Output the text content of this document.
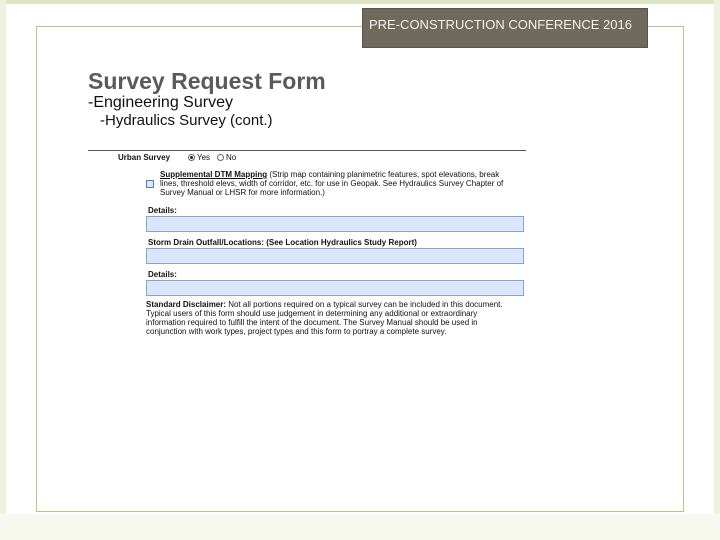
PRE-CONSTRUCTION CONFERENCE 2016
Survey Request Form
-Engineering Survey
-Hydraulics Survey (cont.)
Urban Survey	Yes No
Supplemental DTM Mapping (Strip map containing planimetric features, spot elevations, break
lines, threshold elevs, width of corridor, etc. for use in Geopak. See Hydraulics Survey Chapter of
Survey Manual or LHSR for more information.)
Details:
Storm Drain Outfall/Locations: (See Location Hydraulics Study Report)
Details:
Standard Disclaimer: Not all portions required on a typical survey can be included in this document.
Typical users of this form should use judgement in determining any additional or extraordinary
information required to fulfill the intent of the document. The Survey Manual should be used in
conjunction with work types, project types and this form to portray a complete survey.
